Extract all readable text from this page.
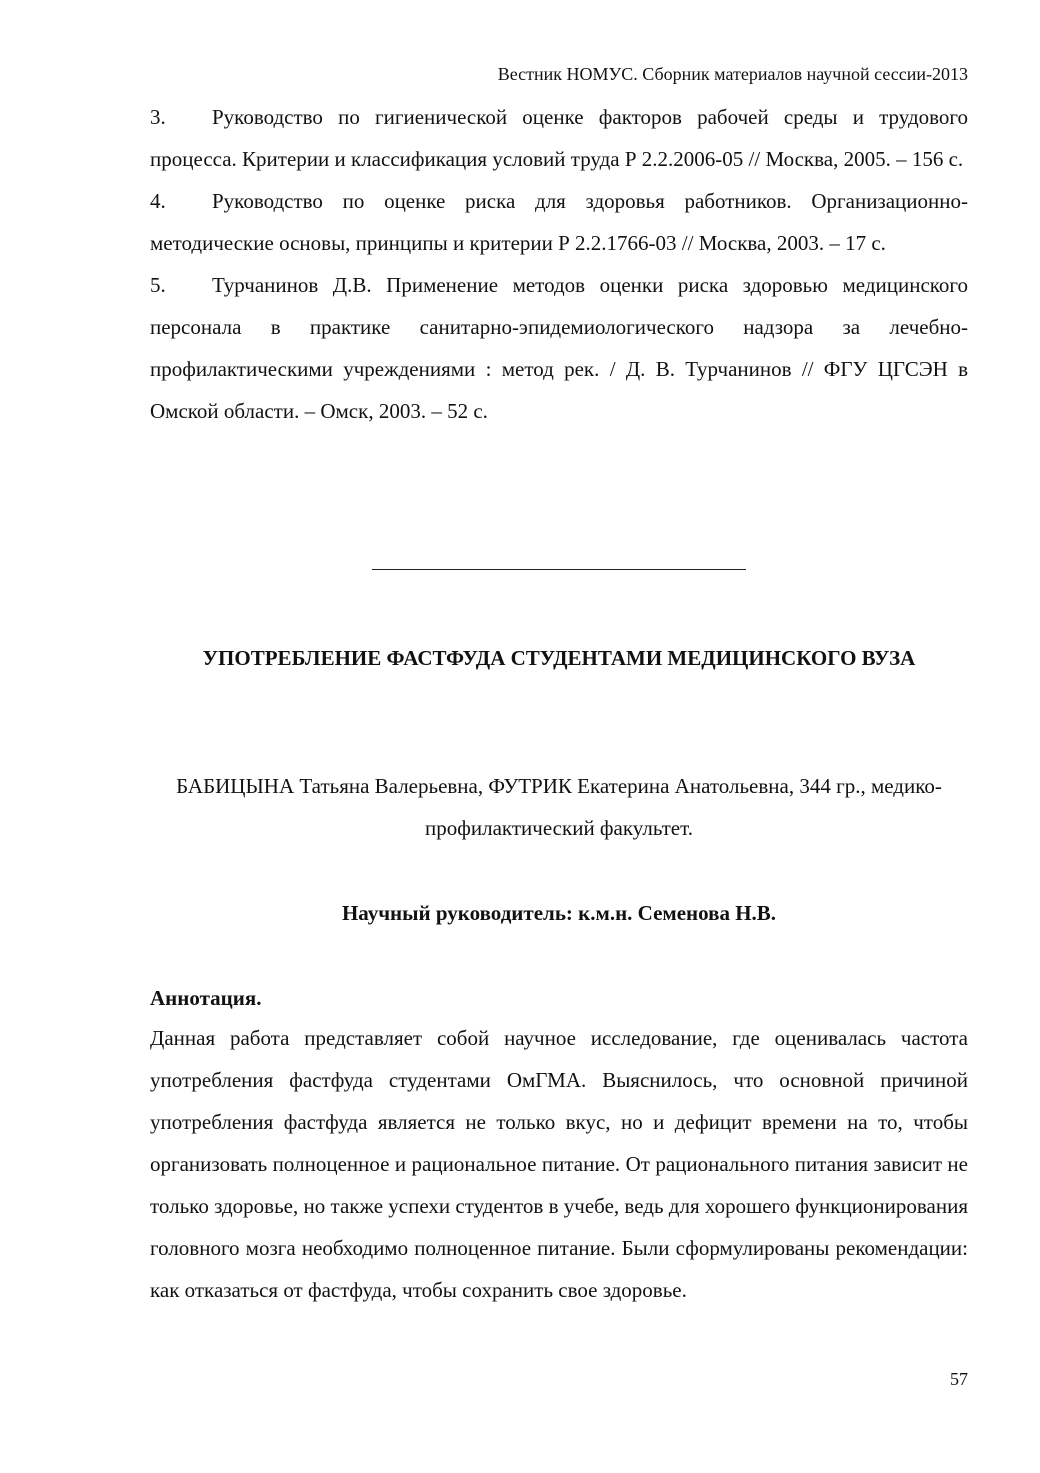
Вестник НОМУС. Сборник материалов научной сессии-2013

3. Руководство по гигиенической оценке факторов рабочей среды и трудового процесса. Критерии и классификация условий труда Р 2.2.2006-05 // Москва, 2005. – 156 с.

4. Руководство по оценке риска для здоровья работников. Организационно-методические основы, принципы и критерии Р 2.2.1766-03 // Москва, 2003. – 17 с.

5. Турчанинов Д.В. Применение методов оценки риска здоровью медицинского персонала в практике санитарно-эпидемиологического надзора за лечебно-профилактическими учреждениями : метод рек. / Д. В. Турчанинов // ФГУ ЦГСЭН в Омской области. – Омск, 2003. – 52 с.

УПОТРЕБЛЕНИЕ ФАСТФУДА СТУДЕНТАМИ МЕДИЦИНСКОГО ВУЗА

БАБИЦЫНА Татьяна Валерьевна, ФУТРИК Екатерина Анатольевна, 344 гр., медико-профилактический факультет.

Научный руководитель: к.м.н. Семенова Н.В.

Аннотация.

Данная работа представляет собой научное исследование, где оценивалась частота употребления фастфуда студентами ОмГМА. Выяснилось, что основной причиной употребления фастфуда является не только вкус, но и дефицит времени на то, чтобы организовать полноценное и рациональное питание. От рационального питания зависит не только здоровье, но также успехи студентов в учебе, ведь для хорошего функционирования головного мозга необходимо полноценное питание. Были сформулированы рекомендации: как отказаться от фастфуда, чтобы сохранить свое здоровье.

57
